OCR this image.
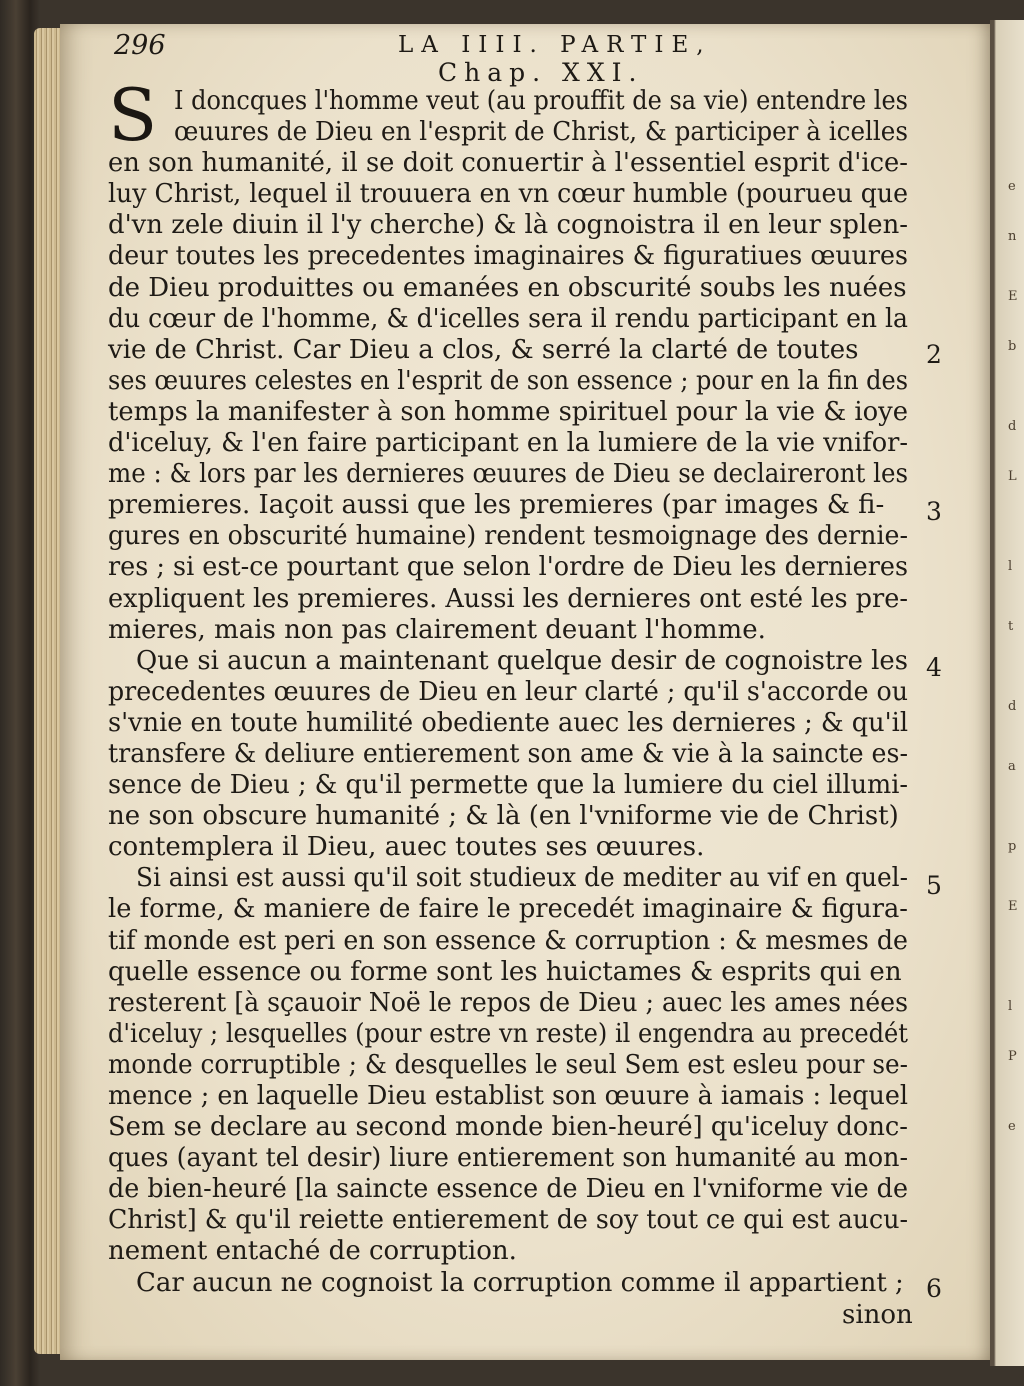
e
n
E
b
d
L
l
t
d
a
p
E
l
P
e
296	LA IIII. PARTIE,
Chap. XXI.
S I doncques l'homme veut (au prouffit de sa vie) entendre les
œuures de Dieu en l'esprit de Christ, & participer à icelles
en son humanité, il se doit conuertir à l'essentiel esprit d'ice-
luy Christ, lequel il trouuera en vn cœur humble (pourueu que
d'vn zele diuin il l'y cherche) & là cognoistra il en leur splen-
deur toutes les precedentes imaginaires & figuratiues œuures
de Dieu produittes ou emanées en obscurité soubs les nuées
du cœur de l'homme, & d'icelles sera il rendu participant en la
vie de Christ. Car Dieu a clos, & serré la clarté de toutes
ses œuures celestes en l'esprit de son essence ; pour en la fin des
temps la manifester à son homme spirituel pour la vie & ioye
d'iceluy, & l'en faire participant en la lumiere de la vie vnifor-
me : & lors par les dernieres œuures de Dieu se declaireront les
premieres. Iaçoit aussi que les premieres (par images & fi-
gures en obscurité humaine) rendent tesmoignage des dernie-
res ; si est-ce pourtant que selon l'ordre de Dieu les dernieres
expliquent les premieres. Aussi les dernieres ont esté les pre-
mieres, mais non pas clairement deuant l'homme.
Que si aucun a maintenant quelque desir de cognoistre les
precedentes œuures de Dieu en leur clarté ; qu'il s'accorde ou
s'vnie en toute humilité obediente auec les dernieres ; & qu'il
transfere & deliure entierement son ame & vie à la saincte es-
sence de Dieu ; & qu'il permette que la lumiere du ciel illumi-
ne son obscure humanité ; & là (en l'vniforme vie de Christ)
contemplera il Dieu, auec toutes ses œuures.
Si ainsi est aussi qu'il soit studieux de mediter au vif en quel-
le forme, & maniere de faire le precedét imaginaire & figura-
tif monde est peri en son essence & corruption : & mesmes de
quelle essence ou forme sont les huictames & esprits qui en
resterent [à sçauoir Noë le repos de Dieu ; auec les ames nées
d'iceluy ; lesquelles (pour estre vn reste) il engendra au precedét
monde corruptible ; & desquelles le seul Sem est esleu pour se-
mence ; en laquelle Dieu establist son œuure à iamais : lequel
Sem se declare au second monde bien-heuré] qu'iceluy donc-
ques (ayant tel desir) liure entierement son humanité au mon-
de bien-heuré [la saincte essence de Dieu en l'vniforme vie de
Christ] & qu'il reiette entierement de soy tout ce qui est aucu-
nement entaché de corruption.
Car aucun ne cognoist la corruption comme il appartient ;
2
3
4
5
6
sinon
